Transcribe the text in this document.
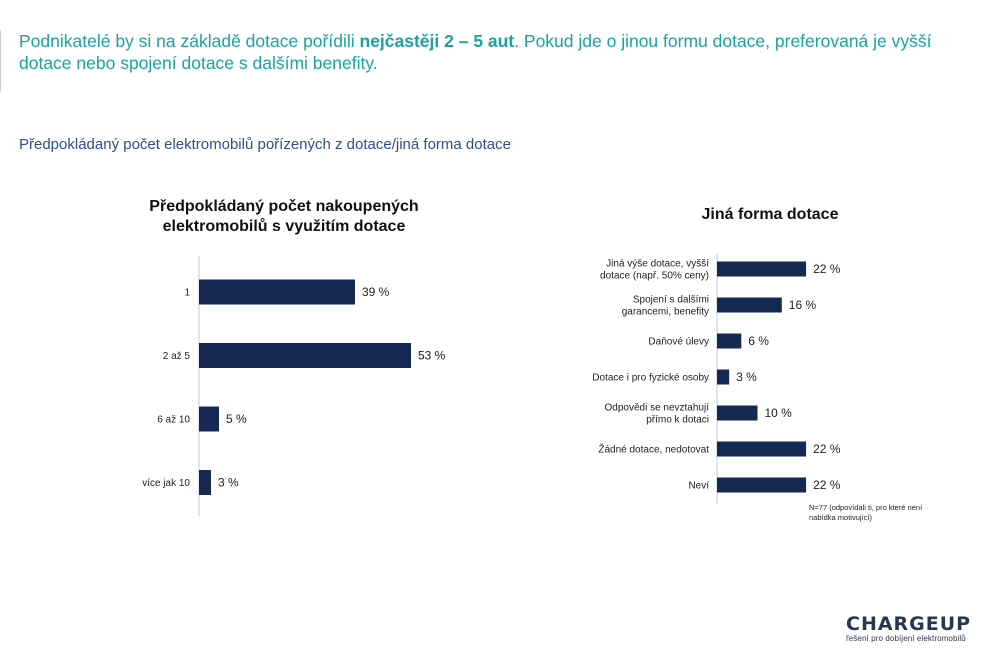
Podnikatelé by si na základě dotace pořídili nejčastěji 2 – 5 aut. Pokud jde o jinou formu dotace, preferovaná je vyšší dotace nebo spojení dotace s dalšími benefity.
Předpokládaný počet elektromobilů pořízených z dotace/jiná forma dotace
Předpokládaný počet nakoupených elektromobilů s využitím dotace
Jiná forma dotace
1	39 %
2 až 5	53 %
6 až 10	5 %
více jak 10 3 %
Jiná výše dotace, vyšší
dotace (např. 50% ceny)	22 %
Spojení s dalšími
garancemi, benefity	16 %
Daňové úlevy	6 %
Dotace i pro fyzické osoby 3 %
Odpovědi se nevztahují
přímo k dotaci	10 %
Žádné dotace, nedotovat	22 %
Neví	22 %
N=77 (odpovídali ti, pro které není nabídka motivující)
CHARGEUP
řešení pro dobíjení elektromobilů
